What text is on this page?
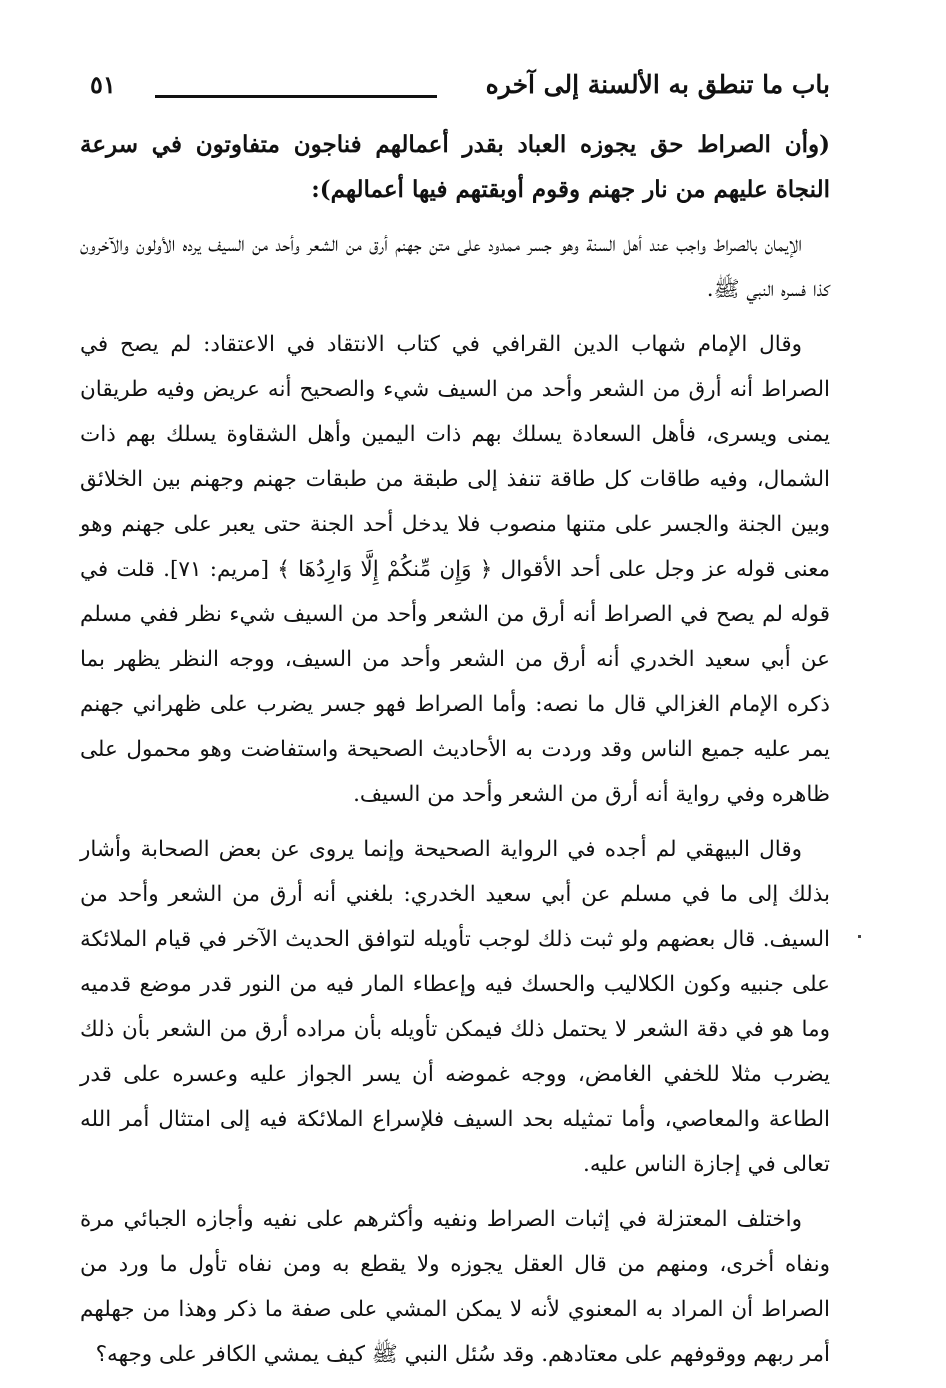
باب ما تنطق به الألسنة إلى آخره
٥١

(وأن الصراط حق يجوزه العباد بقدر أعمالهم فناجون متفاوتون في سرعة النجاة عليهم من نار جهنم وقوم أوبقتهم فيها أعمالهم):

الإيمان بالصراط واجب عند أهل السنة وهو جسر ممدود على متن جهنم أرق من الشعر وأحد من السيف يرده الأولون والآخرون كذا فسره النبي ﷺ.

وقال الإمام شهاب الدين القرافي في كتاب الانتقاد في الاعتقاد: لم يصح في الصراط أنه أرق من الشعر وأحد من السيف شيء والصحيح أنه عريض وفيه طريقان يمنى ويسرى، فأهل السعادة يسلك بهم ذات اليمين وأهل الشقاوة يسلك بهم ذات الشمال، وفيه طاقات كل طاقة تنفذ إلى طبقة من طبقات جهنم وجهنم بين الخلائق وبين الجنة والجسر على متنها منصوب فلا يدخل أحد الجنة حتى يعبر على جهنم وهو معنى قوله عز وجل على أحد الأقوال ﴿ وَإِن مِّنكُمْ إِلَّا وَارِدُهَا ﴾ [مريم: ٧١]. قلت في قوله لم يصح في الصراط أنه أرق من الشعر وأحد من السيف شيء نظر ففي مسلم عن أبي سعيد الخدري أنه أرق من الشعر وأحد من السيف، ووجه النظر يظهر بما ذكره الإمام الغزالي قال ما نصه: وأما الصراط فهو جسر يضرب على ظهراني جهنم يمر عليه جميع الناس وقد وردت به الأحاديث الصحيحة واستفاضت وهو محمول على ظاهره وفي رواية أنه أرق من الشعر وأحد من السيف.

وقال البيهقي لم أجده في الرواية الصحيحة وإنما يروى عن بعض الصحابة وأشار بذلك إلى ما في مسلم عن أبي سعيد الخدري: بلغني أنه أرق من الشعر وأحد من السيف. قال بعضهم ولو ثبت ذلك لوجب تأويله لتوافق الحديث الآخر في قيام الملائكة على جنبيه وكون الكلاليب والحسك فيه وإعطاء المار فيه من النور قدر موضع قدميه وما هو في دقة الشعر لا يحتمل ذلك فيمكن تأويله بأن مراده أرق من الشعر بأن ذلك يضرب مثلا للخفي الغامض، ووجه غموضه أن يسر الجواز عليه وعسره على قدر الطاعة والمعاصي، وأما تمثيله بحد السيف فلإسراع الملائكة فيه إلى امتثال أمر الله تعالى في إجازة الناس عليه.

واختلف المعتزلة في إثبات الصراط ونفيه وأكثرهم على نفيه وأجازه الجبائي مرة ونفاه أخرى، ومنهم من قال العقل يجوزه ولا يقطع به ومن نفاه تأول ما ورد من الصراط أن المراد به المعنوي لأنه لا يمكن المشي على صفة ما ذكر وهذا من جهلهم أمر ربهم ووقوفهم على معتادهم. وقد سُئل النبي ﷺ كيف يمشي الكافر على وجهه؟
